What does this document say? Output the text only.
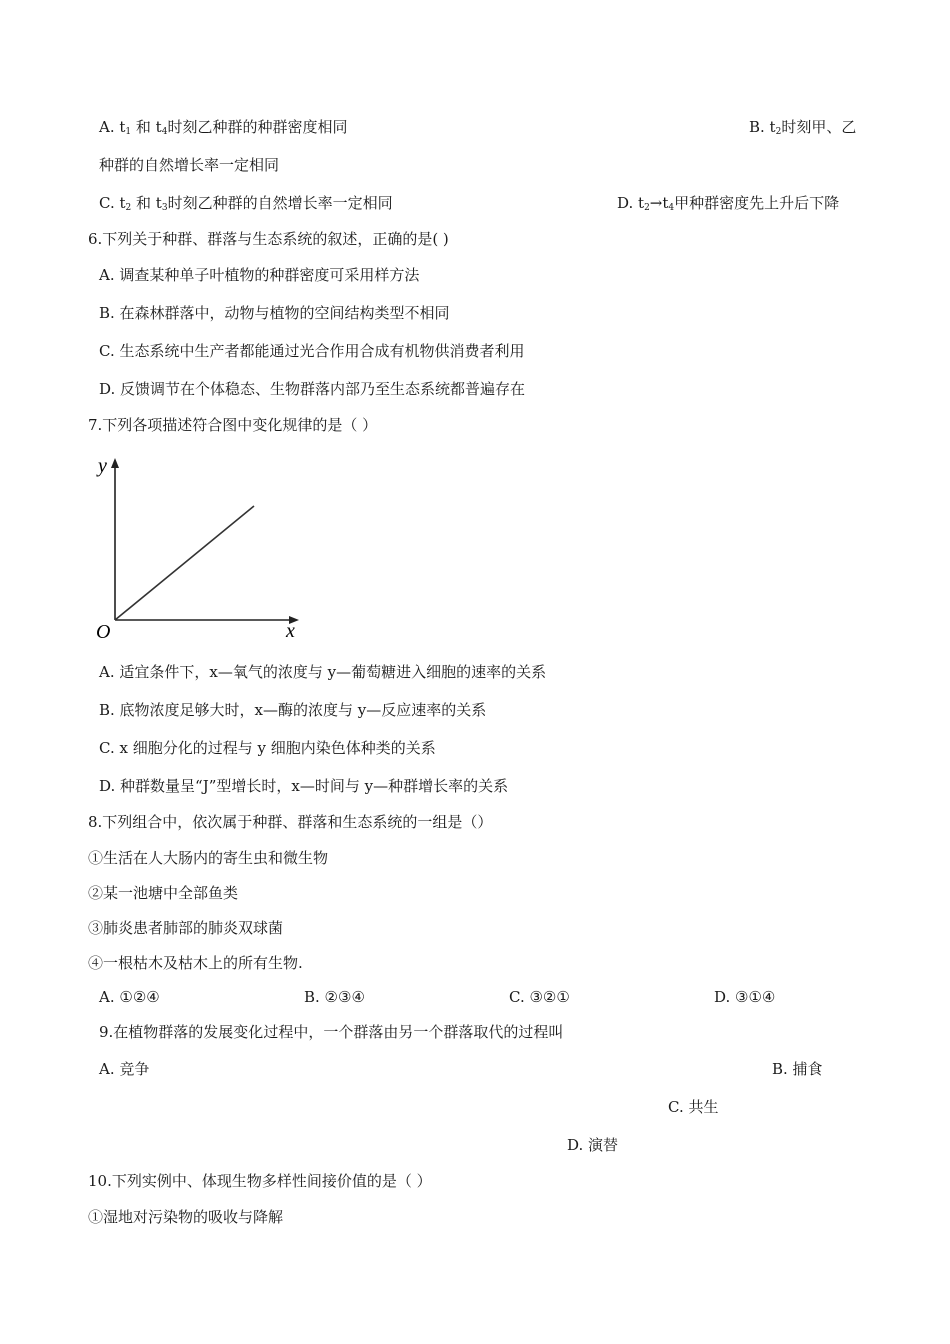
A. $t_1$ 和 $t_4$时刻乙种群的种群密度相同	B. $t_2$时刻甲、乙
种群的自然增长率一定相同
C. $t_2$ 和 $t_3$时刻乙种群的自然增长率一定相同	D. $t_2\to t_4$甲种群密度先上升后下降
6.下列关于种群、群落与生态系统的叙述，正确的是( )
A. 调查某种单子叶植物的种群密度可采用样方法
B. 在森林群落中，动物与植物的空间结构类型不相同
C. 生态系统中生产者都能通过光合作用合成有机物供消费者利用
D. 反馈调节在个体稳态、生物群落内部乃至生态系统都普遍存在
7.下列各项描述符合图中变化规律的是（ ）
y
x
O
A. 适宜条件下，x—氧气的浓度与 y—葡萄糖进入细胞的速率的关系
B. 底物浓度足够大时，x—酶的浓度与 y—反应速率的关系
C. x 细胞分化的过程与 y 细胞内染色体种类的关系
D. 种群数量呈“J”型增长时，x—时间与 y—种群增长率的关系
8.下列组合中，依次属于种群、群落和生态系统的一组是（）
①生活在人大肠内的寄生虫和微生物
②某一池塘中全部鱼类
③肺炎患者肺部的肺炎双球菌
④一根枯木及枯木上的所有生物.
A. ①②④	B. ②③④	C. ③②①	D. ③①④
9.在植物群落的发展变化过程中，一个群落由另一个群落取代的过程叫
A. 竞争	B. 捕食
C. 共生
D. 演替
10.下列实例中、体现生物多样性间接价值的是（ ）
①湿地对污染物的吸收与降解
